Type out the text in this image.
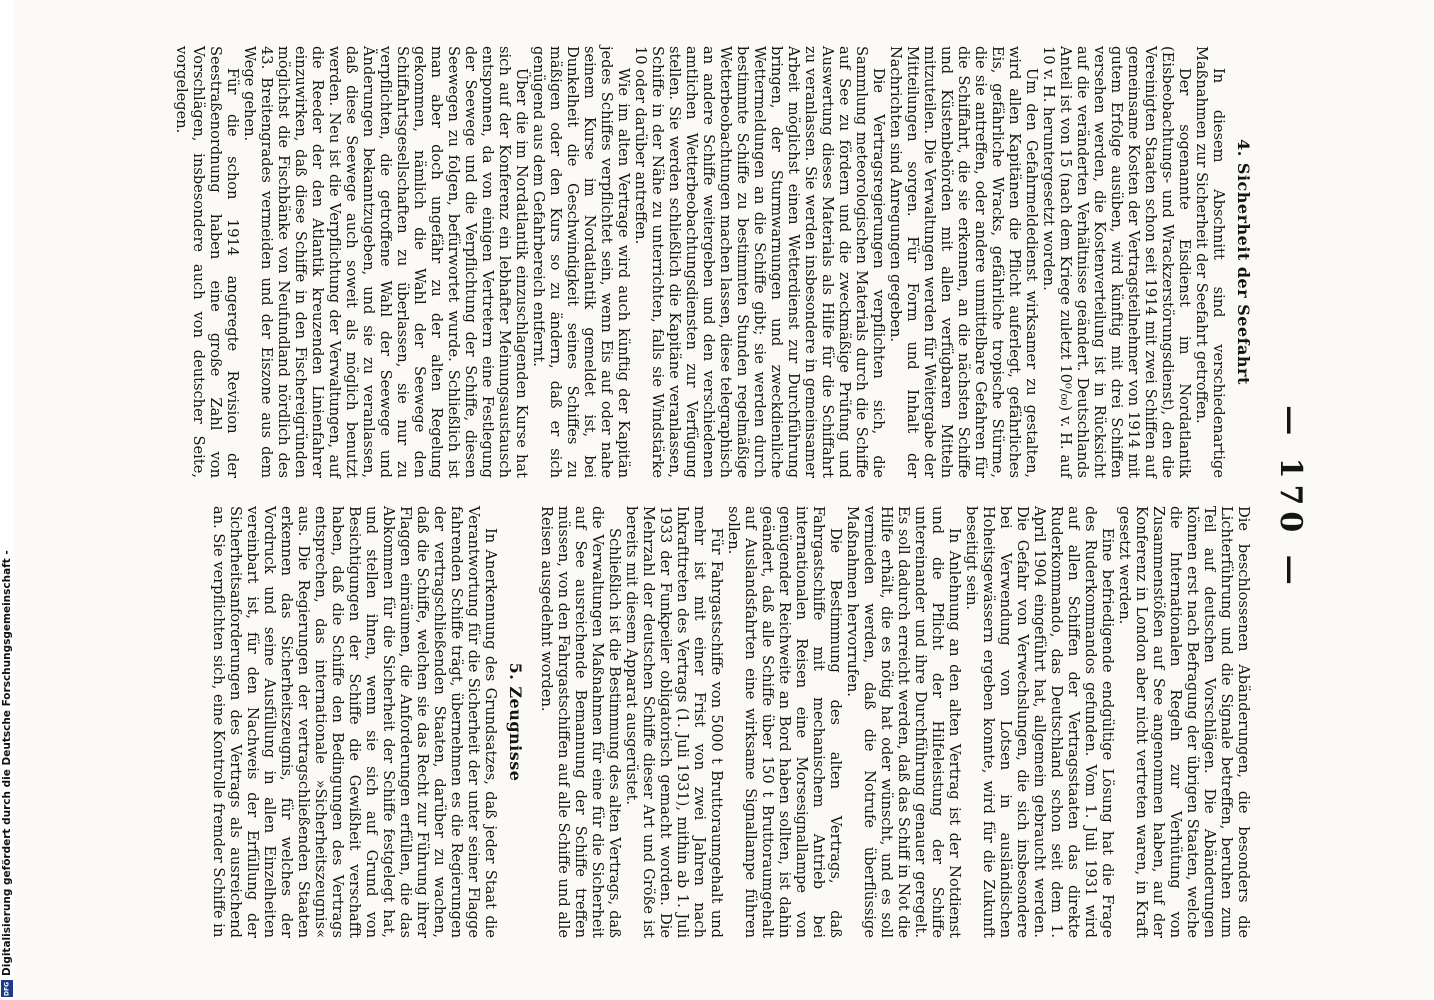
Digitalisierung gefördert durch die Deutsche Forschungsgemeinschaft -
DFG
— 170 —
4. Sicherheit der Seefahrt

In diesem Abschnitt sind verschiedenartige Maßnahmen zur Sicherheit der Seefahrt getroffen.

Der sogenannte Eisdienst im Nordatlantik (Eisbeobachtungs- und Wrackzerstörungsdienst), den die Vereinigten Staaten schon seit 1914 mit zwei Schiffen auf gemeinsame Kosten der Vertragsteilnehmer von 1914 mit gutem Erfolge ausüben, wird künftig mit drei Schiffen versehen werden, die Kostenverteilung ist in Rücksicht auf die veränderten Verhältnisse geändert. Deutschlands Anteil ist von 15 (nach dem Kriege zuletzt 10⁰/₀₀) v. H. auf 10 v. H. heruntergesetzt worden.

Um den Gefahrmeldedienst wirksamer zu gestalten, wird allen Kapitänen die Pflicht auferlegt, gefährliches Eis, gefährliche Wracks, gefährliche tropische Stürme, die sie antreffen, oder andere unmittelbare Gefahren für die Schiffahrt, die sie erkennen, an die nächsten Schiffe und Küstenbehörden mit allen verfügbaren Mitteln mitzuteilen. Die Verwaltungen werden für Weitergabe der Mitteilungen sorgen. Für Form und Inhalt der Nachrichten sind Anregungen gegeben.

Die Vertragsregierungen verpflichten sich, die Sammlung meteorologischen Materials durch die Schiffe auf See zu fördern und die zweckmäßige Prüfung und Auswertung dieses Materials als Hilfe für die Schiffahrt zu veranlassen. Sie werden insbesondere in gemeinsamer Arbeit möglichst einen Wetterdienst zur Durchführung bringen, der Sturmwarnungen und zweckdienliche Wettermeldungen an die Schiffe gibt; sie werden durch bestimmte Schiffe zu bestimmten Stunden regelmäßige Wetterbeobachtungen machen lassen, diese telegraphisch an andere Schiffe weitergeben und den verschiedenen amtlichen Wetterbeobachtungsdiensten zur Verfügung stellen. Sie werden schließlich die Kapitäne veranlassen, Schiffe in der Nähe zu unterrichten, falls sie Windstärke 10 oder darüber antreffen.

Wie im alten Vertrage wird auch künftig der Kapitän jedes Schiffes verpflichtet sein, wenn Eis auf oder nahe seinem Kurse im Nordatlantik gemeldet ist, bei Dunkelheit die Geschwindigkeit seines Schiffes zu mäßigen oder den Kurs so zu ändern, daß er sich genügend aus dem Gefahrbereich entfernt.

Über die im Nordatlantik einzuschlagenden Kurse hat sich auf der Konferenz ein lebhafter Meinungsaustausch entsponnen, da von einigen Vertretern eine Festlegung der Seewege und die Verpflichtung der Schiffe, diesen Seewegen zu folgen, befürwortet wurde. Schließlich ist man aber doch ungefähr zu der alten Regelung gekommen, nämlich die Wahl der Seewege den Schiffahrtsgesellschaften zu überlassen, sie nur zu verpflichten, die getroffene Wahl der Seewege und Änderungen bekanntzugeben, und sie zu veranlassen, daß diese Seewege auch soweit als möglich benutzt werden. Neu ist die Verpflichtung der Verwaltungen, auf die Reeder der den Atlantik kreuzenden Linienfahrer einzuwirken, daß diese Schiffe in den Fischereigründen möglichst die Fischbänke von Neufundland nördlich des 43. Breitengrades vermeiden und der Eiszone aus dem Wege gehen.

Für die schon 1914 angeregte Revision der Seestraßenordnung haben eine große Zahl von Vorschlägen, insbesondere auch von deutscher Seite, vorgelegen.

Die beschlossenen Abänderungen, die besonders die Lichterführung und die Signale betreffen, beruhen zum Teil auf deutschen Vorschlägen. Die Abänderungen können erst nach Befragung der übrigen Staaten, welche die Internationalen Regeln zur Verhütung von Zusammenstößen auf See angenommen haben, auf der Konferenz in London aber nicht vertreten waren, in Kraft gesetzt werden.

Eine befriedigende endgültige Lösung hat die Frage des Ruderkommandos gefunden. Vom 1. Juli 1931 wird auf allen Schiffen der Vertragsstaaten das direkte Ruderkommando, das Deutschland schon seit dem 1. April 1904 eingeführt hat, allgemein gebraucht werden. Die Gefahr von Verwechslungen, die sich insbesondere bei Verwendung von Lotsen in ausländischen Hoheitsgewässern ergeben konnte, wird für die Zukunft beseitigt sein.

In Anlehnung an den alten Vertrag ist der Notdienst und die Pflicht der Hilfeleistung der Schiffe untereinander und ihre Durchführung genauer geregelt. Es soll dadurch erreicht werden, daß das Schiff in Not die Hilfe erhält, die es nötig hat oder wünscht, und es soll vermieden werden, daß die Notrufe überflüssige Maßnahmen hervorrufen.

Die Bestimmung des alten Vertrags, daß Fahrgastschiffe mit mechanischem Antrieb bei internationalen Reisen eine Morsesignallampe von genügender Reichweite an Bord haben sollten, ist dahin geändert, daß alle Schiffe über 150 t Bruttoraumgehalt auf Auslandsfahrten eine wirksame Signallampe führen sollen.

Für Fahrgastschiffe von 5000 t Bruttoraumgehalt und mehr ist mit einer Frist von zwei Jahren nach Inkrafttreten des Vertrags (1. Juli 1931), mithin ab 1. Juli 1933 der Funkpeiler obligatorisch gemacht worden. Die Mehrzahl der deutschen Schiffe dieser Art und Größe ist bereits mit diesem Apparat ausgerüstet.

Schließlich ist die Bestimmung des alten Vertrags, daß die Verwaltungen Maßnahmen für eine für die Sicherheit auf See ausreichende Bemannung der Schiffe treffen müssen, von den Fahrgastschiffen auf alle Schiffe und alle Reisen ausgedehnt worden.

5. Zeugnisse

In Anerkennung des Grundsatzes, daß jeder Staat die Verantwortung für die Sicherheit der unter seiner Flagge fahrenden Schiffe trägt, übernehmen es die Regierungen der vertragschließenden Staaten, darüber zu wachen, daß die Schiffe, welchen sie das Recht zur Führung ihrer Flaggen einräumen, die Anforderungen erfüllen, die das Abkommen für die Sicherheit der Schiffe festgelegt hat, und stellen ihnen, wenn sie sich auf Grund von Besichtigungen der Schiffe die Gewißheit verschafft haben, daß die Schiffe den Bedingungen des Vertrags entsprechen, das internationale »Sicherheitszeugnis« aus. Die Regierungen der vertragschließenden Staaten erkennen das Sicherheitszeugnis, für welches der Vordruck und seine Ausfüllung in allen Einzelheiten vereinbart ist, für den Nachweis der Erfüllung der Sicherheitsanforderungen des Vertrags als ausreichend an. Sie verpflichten sich, eine Kontrolle fremder Schiffe in
